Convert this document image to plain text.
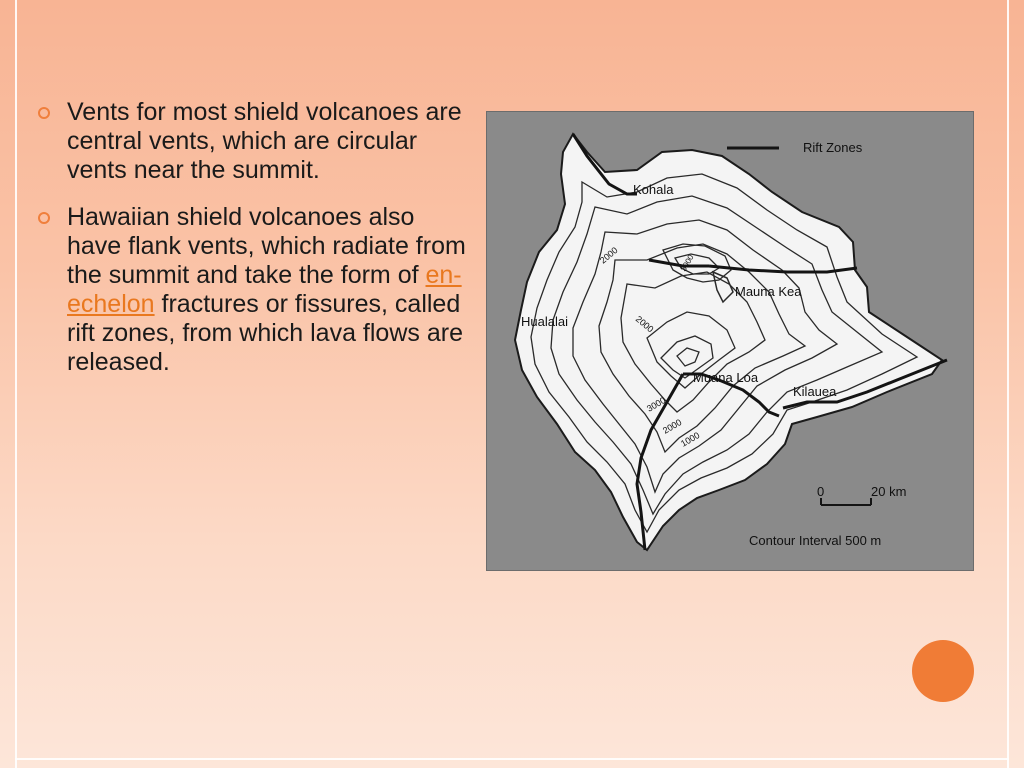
Vents for most shield volcanoes are central vents, which are circular vents near the summit.
Hawaiian shield volcanoes also have flank vents, which radiate from the summit and take the form of en-echelon fractures or fissures, called rift zones, from which lava flows are released.
Rift Zones
Kohala
Mauna Kea
Hualalai
Muana Loa
Kilauea
1000
2000
3000
2000
3000
2000
0	20 km
Contour Interval 500 m
